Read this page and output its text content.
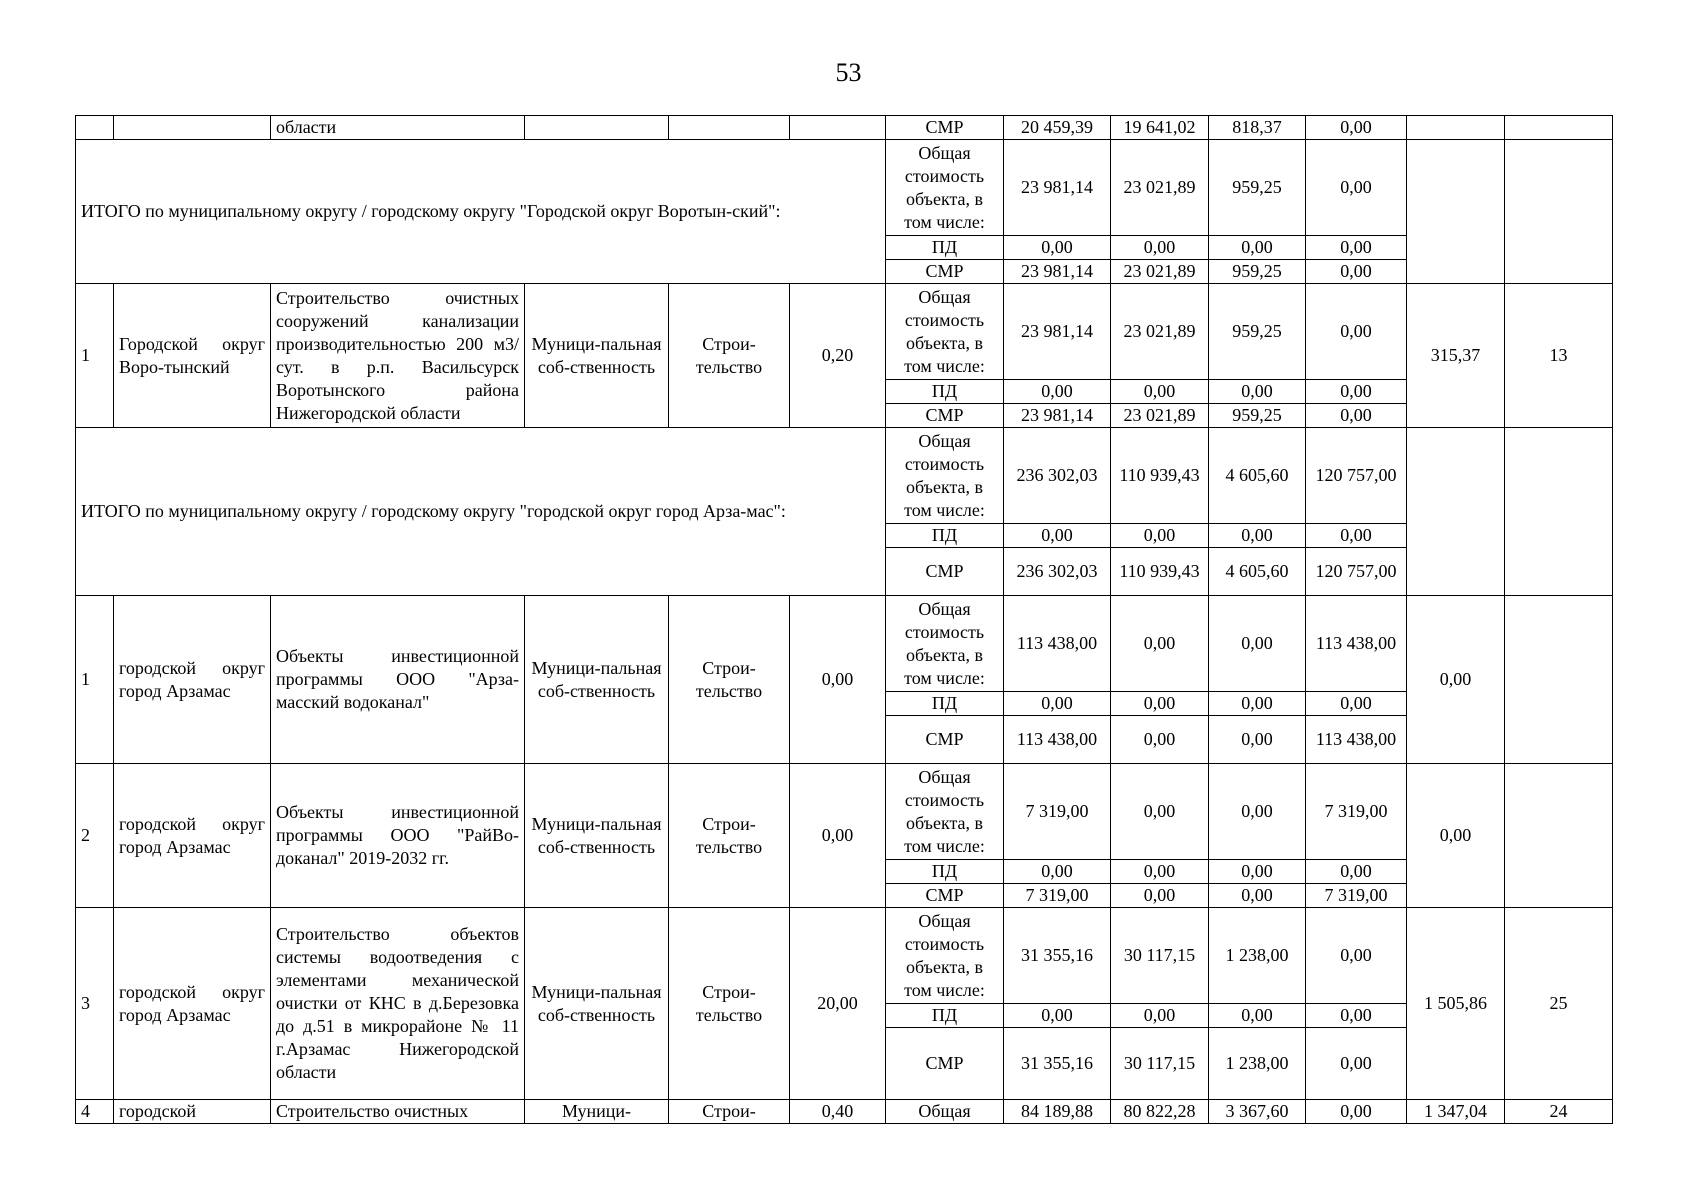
53
		области				СМР	20 459,39	19 641,02	818,37	0,00		
ИТОГО по муниципальному округу / городскому округу "Городской округ Воротын-ский":						Общая стоимость объекта, в том числе:	23 981,14	23 021,89	959,25	0,00		
						ПД	0,00	0,00	0,00	0,00		
						СМР	23 981,14	23 021,89	959,25	0,00		
1	Городской округ Воро-тынский	Строительство очистных сооружений канализации производительностью 200 м3/сут. в р.п. Васильсурск Воротынского района Нижегородской области	Муници-пальная соб-ственность	Строи-тельство	0,20	Общая стоимость объекта, в том числе:	23 981,14	23 021,89	959,25	0,00	315,37	13
						ПД	0,00	0,00	0,00	0,00		
						СМР	23 981,14	23 021,89	959,25	0,00		
ИТОГО по муниципальному округу / городскому округу "городской округ город Арза-мас":						Общая стоимость объекта, в том числе:	236 302,03	110 939,43	4 605,60	120 757,00		
						ПД	0,00	0,00	0,00	0,00		
						СМР	236 302,03	110 939,43	4 605,60	120 757,00		
1	городской округ город Арзамас	Объекты инвестиционной программы ООО "Арза-масский водоканал"	Муници-пальная соб-ственность	Строи-тельство	0,00	Общая стоимость объекта, в том числе:	113 438,00	0,00	0,00	113 438,00	0,00	
						ПД	0,00	0,00	0,00	0,00		
						СМР	113 438,00	0,00	0,00	113 438,00		
2	городской округ город Арзамас	Объекты инвестиционной программы ООО "РайВо-доканал" 2019-2032 гг.	Муници-пальная соб-ственность	Строи-тельство	0,00	Общая стоимость объекта, в том числе:	7 319,00	0,00	0,00	7 319,00	0,00	
						ПД	0,00	0,00	0,00	0,00		
						СМР	7 319,00	0,00	0,00	7 319,00		
3	городской округ город Арзамас	Строительство объектов системы водоотведения с элементами механической очистки от КНС в д.Березовка до д.51 в микрорайоне № 11 г.Арзамас Нижегородской области	Муници-пальная соб-ственность	Строи-тельство	20,00	Общая стоимость объекта, в том числе:	31 355,16	30 117,15	1 238,00	0,00	1 505,86	25
						ПД	0,00	0,00	0,00	0,00		
						СМР	31 355,16	30 117,15	1 238,00	0,00		
4	городской	Строительство очистных	Муници-	Строи-	0,40	Общая	84 189,88	80 822,28	3 367,60	0,00	1 347,04	24
